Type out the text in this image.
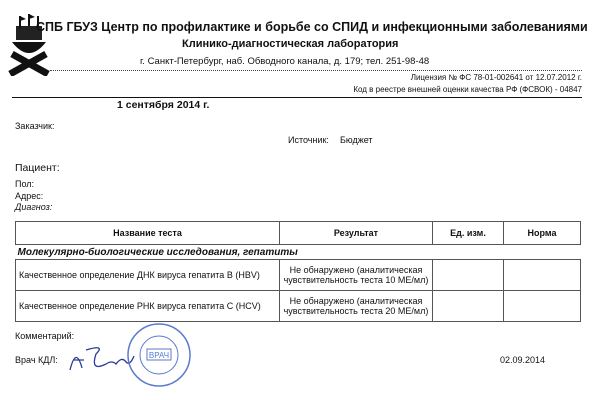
СПБ ГБУЗ Центр по профилактике и борьбе со СПИД и инфекционными заболеваниями
Клинико-диагностическая лаборатория
г. Санкт-Петербург, наб. Обводного канала, д. 179; тел. 251-98-48
Лицензия № ФС 78-01-002641 от 12.07.2012 г.
Код в реестре внешней оценки качества РФ (ФСВОК) - 04847
1 сентября 2014 г.
Заказчик:
Источник: Бюджет
Пациент:
Пол:
Адрес:
Диагноз:
Название теста	Результат	Ед. изм.	Норма
Молекулярно-биологические исследования, гепатиты			
Качественное определение ДНК вируса гепатита В (HBV)	Не обнаружено (аналитическая чувствительность теста 10 МЕ/мл)		
Качественное определение РНК вируса гепатита С (HCV)	Не обнаружено (аналитическая чувствительность теста 20 МЕ/мл)		
Комментарий:
Врач КДЛ:	ВРАЧ	02.09.2014
